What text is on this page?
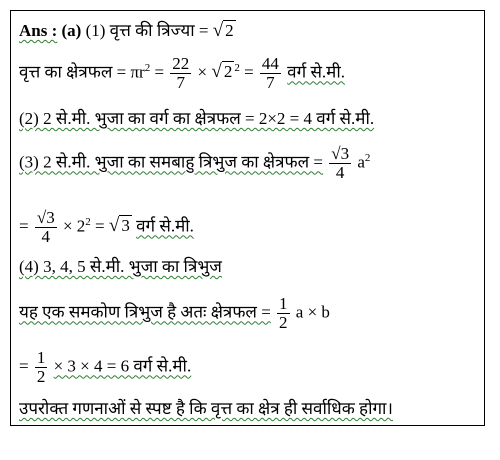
Ans : (a) (1) वृत्त की त्रिज्या = √ 2
वृत्त का क्षेत्रफल = $\pi r^2 = \frac{22}{7}$ × √ 2 $^2 = \frac{44}{7}$ वर्ग से.मी.
(2) 2 से.मी. भुजा का वर्ग का क्षेत्रफल = 2×2 = 4 वर्ग से.मी.
(3) 2 से.मी. भुजा का समबाहु त्रिभुज का क्षेत्रफल = $\frac{√3}{4} a^2$
= $\frac{√3}{4} \times 2^2$ = √ 3 वर्ग से.मी.
(4) 3, 4, 5 से.मी. भुजा का त्रिभुज
यह एक समकोण त्रिभुज है अतः क्षेत्रफल = $\frac{1}{2}$ a × b
= $\frac{1}{2} \times 3 \times 4 = 6$ वर्ग से.मी.
उपरोक्त गणनाओं से स्पष्ट है कि वृत्त का क्षेत्र ही सर्वाधिक होगा।
